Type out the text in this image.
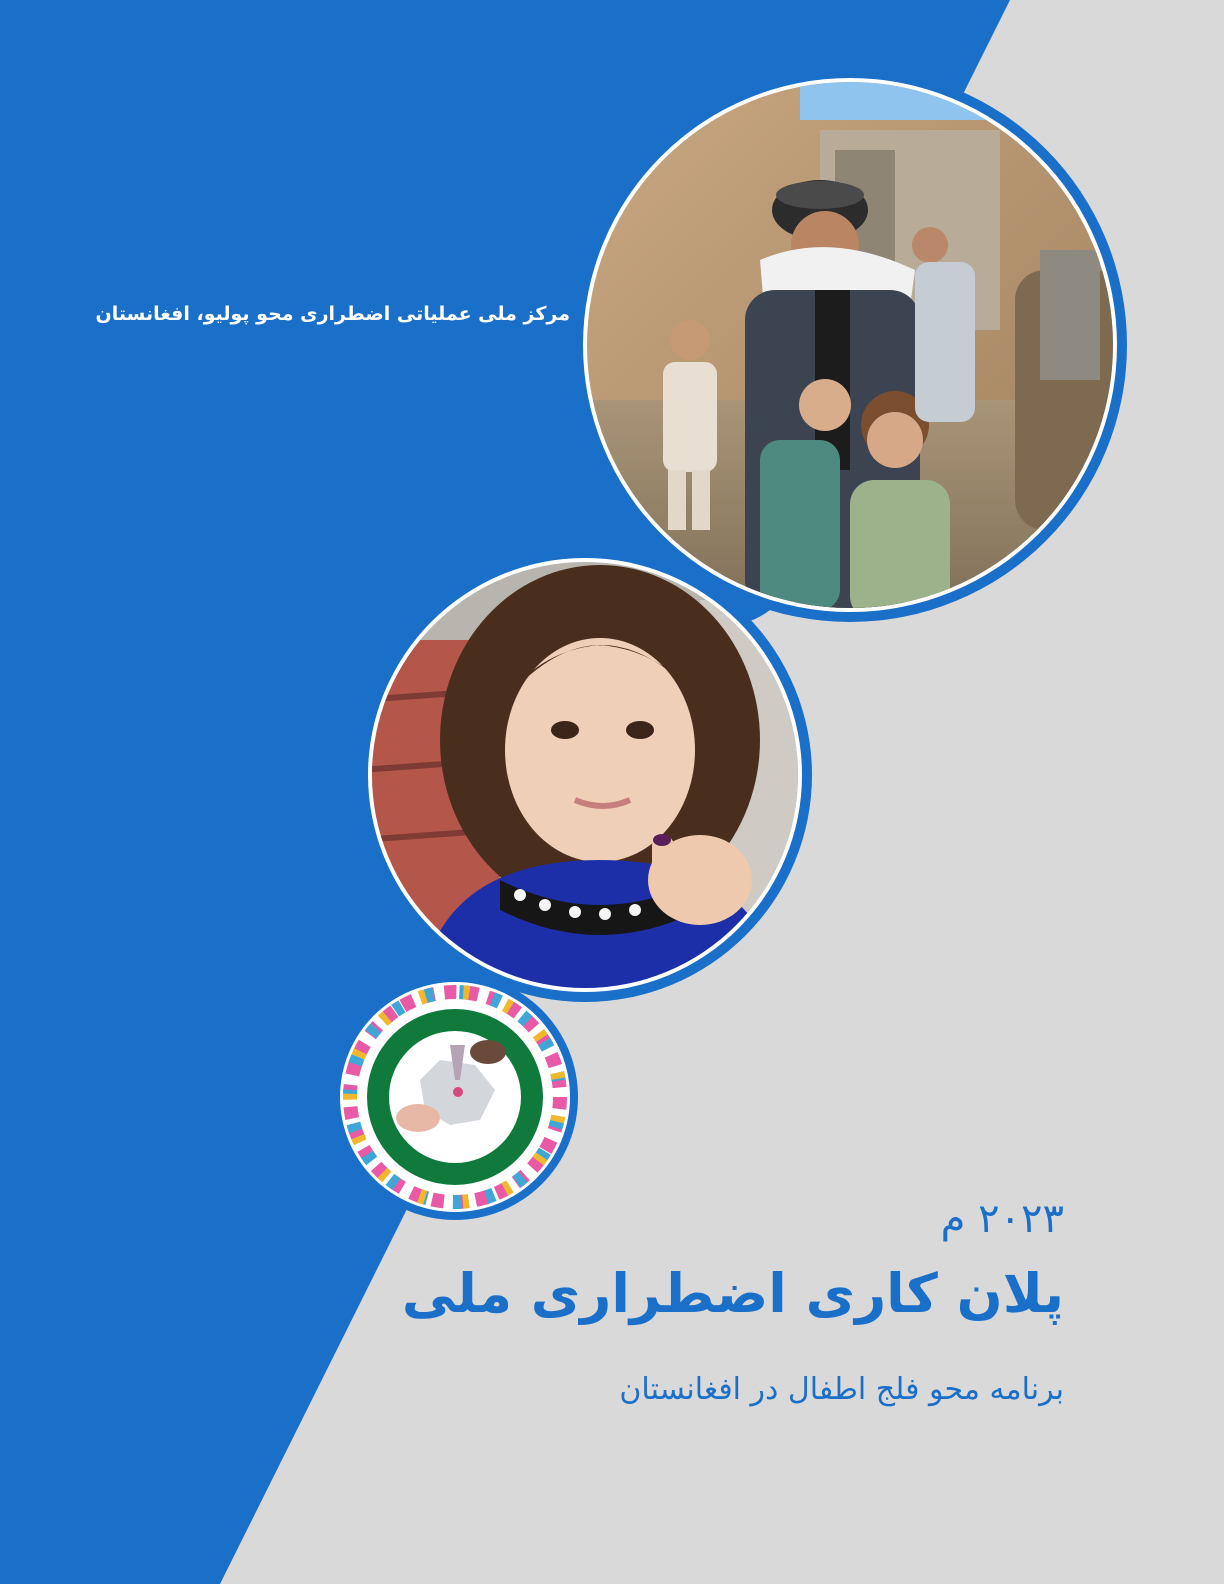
مرکز ملی عملیاتی اضطراری محو پولیو، افغانستان

۲۰۲۳ م

پلان کاری اضطراری ملی

برنامه محو فلج اطفال در افغانستان
